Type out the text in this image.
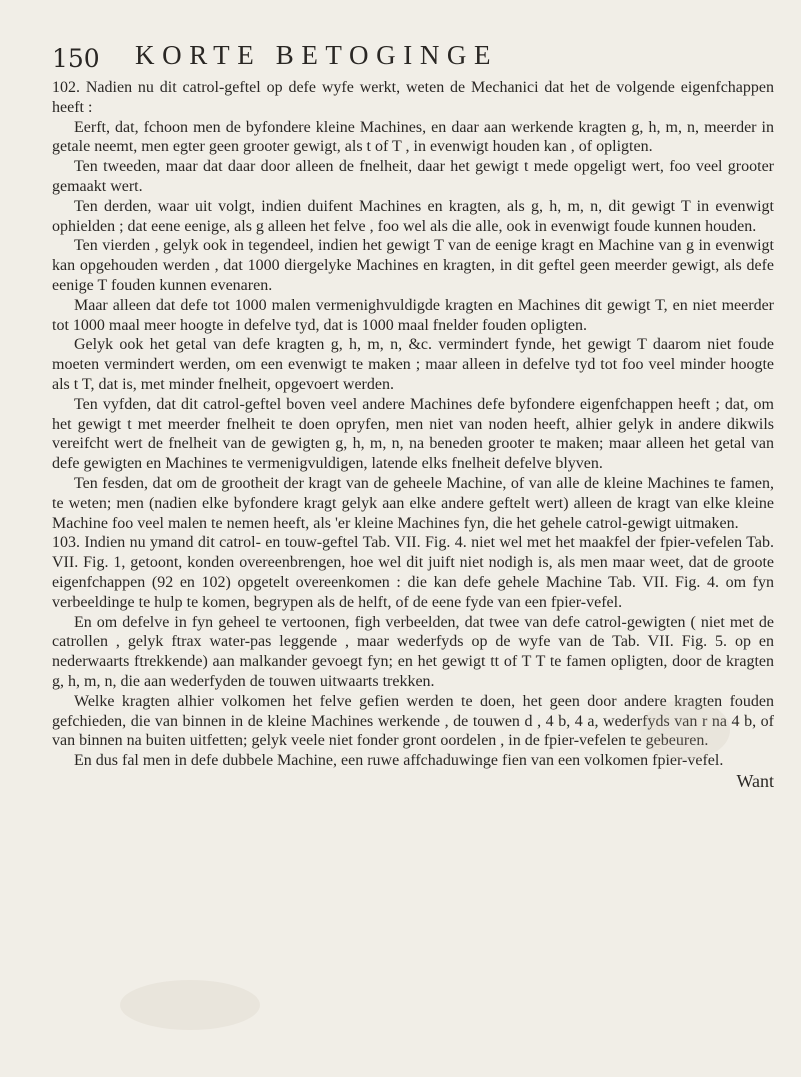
150 KORTE BETOGINGE

102. Nadien nu dit catrol-geftel op defe wyfe werkt, weten de Mechanici dat het de volgende eigenfchappen heeft :

Eerft, dat, fchoon men de byfondere kleine Machines, en daar aan werkende kragten g, h, m, n, meerder in getale neemt, men egter geen grooter gewigt, als t of T , in evenwigt houden kan , of opligten.

Ten tweeden, maar dat daar door alleen de fnelheit, daar het gewigt t mede opgeligt wert, foo veel grooter gemaakt wert.

Ten derden, waar uit volgt, indien duifent Machines en kragten, als g, h, m, n, dit gewigt T in evenwigt ophielden ; dat eene eenige, als g alleen het felve , foo wel als die alle, ook in evenwigt foude kunnen houden.

Ten vierden , gelyk ook in tegendeel, indien het gewigt T van de eenige kragt en Machine van g in evenwigt kan opgehouden werden , dat 1000 diergelyke Machines en kragten, in dit geftel geen meerder gewigt, als defe eenige T fouden kunnen evenaren.

Maar alleen dat defe tot 1000 malen vermenighvuldigde kragten en Machines dit gewigt T, en niet meerder tot 1000 maal meer hoogte in defelve tyd, dat is 1000 maal fnelder fouden opligten.

Gelyk ook het getal van defe kragten g, h, m, n, &c. vermindert fynde, het gewigt T daarom niet foude moeten vermindert werden, om een evenwigt te maken ; maar alleen in defelve tyd tot foo veel minder hoogte als t T, dat is, met minder fnelheit, opgevoert werden.

Ten vyfden, dat dit catrol-geftel boven veel andere Machines defe byfondere eigenfchappen heeft ; dat, om het gewigt t met meerder fnelheit te doen opryfen, men niet van noden heeft, alhier gelyk in andere dikwils vereifcht wert de fnelheit van de gewigten g, h, m, n, na beneden grooter te maken; maar alleen het getal van defe gewigten en Machines te vermenigvuldigen, latende elks fnelheit defelve blyven.

Ten fesden, dat om de grootheit der kragt van de geheele Machine, of van alle de kleine Machines te famen, te weten; men (nadien elke byfondere kragt gelyk aan elke andere geftelt wert) alleen de kragt van elke kleine Machine foo veel malen te nemen heeft, als 'er kleine Machines fyn, die het gehele catrol-gewigt uitmaken.

103. Indien nu ymand dit catrol- en touw-geftel Tab. VII. Fig. 4. niet wel met het maakfel der fpier-vefelen Tab. VII. Fig. 1, getoont, konden overeenbrengen, hoe wel dit juift niet nodigh is, als men maar weet, dat de groote eigenfchappen (92 en 102) opgetelt overeenkomen : die kan defe gehele Machine Tab. VII. Fig. 4. om fyn verbeeldinge te hulp te komen, begrypen als de helft, of de eene fyde van een fpier-vefel.

En om defelve in fyn geheel te vertoonen, figh verbeelden, dat twee van defe catrol-gewigten ( niet met de catrollen , gelyk ftrax water-pas leggende , maar wederfyds op de wyfe van de Tab. VII. Fig. 5. op en nederwaarts ftrekkende) aan malkander gevoegt fyn; en het gewigt tt of T T te famen opligten, door de kragten g, h, m, n, die aan wederfyden de touwen uitwaarts trekken.

Welke kragten alhier volkomen het felve gefien werden te doen, het geen door andere kragten fouden gefchieden, die van binnen in de kleine Machines werkende , de touwen d , 4 b, 4 a, wederfyds van r na 4 b, of van binnen na buiten uitfetten; gelyk veele niet fonder gront oordelen , in de fpier-vefelen te gebeuren.

En dus fal men in defe dubbele Machine, een ruwe affchaduwinge fien van een volkomen fpier-vefel.

Want
